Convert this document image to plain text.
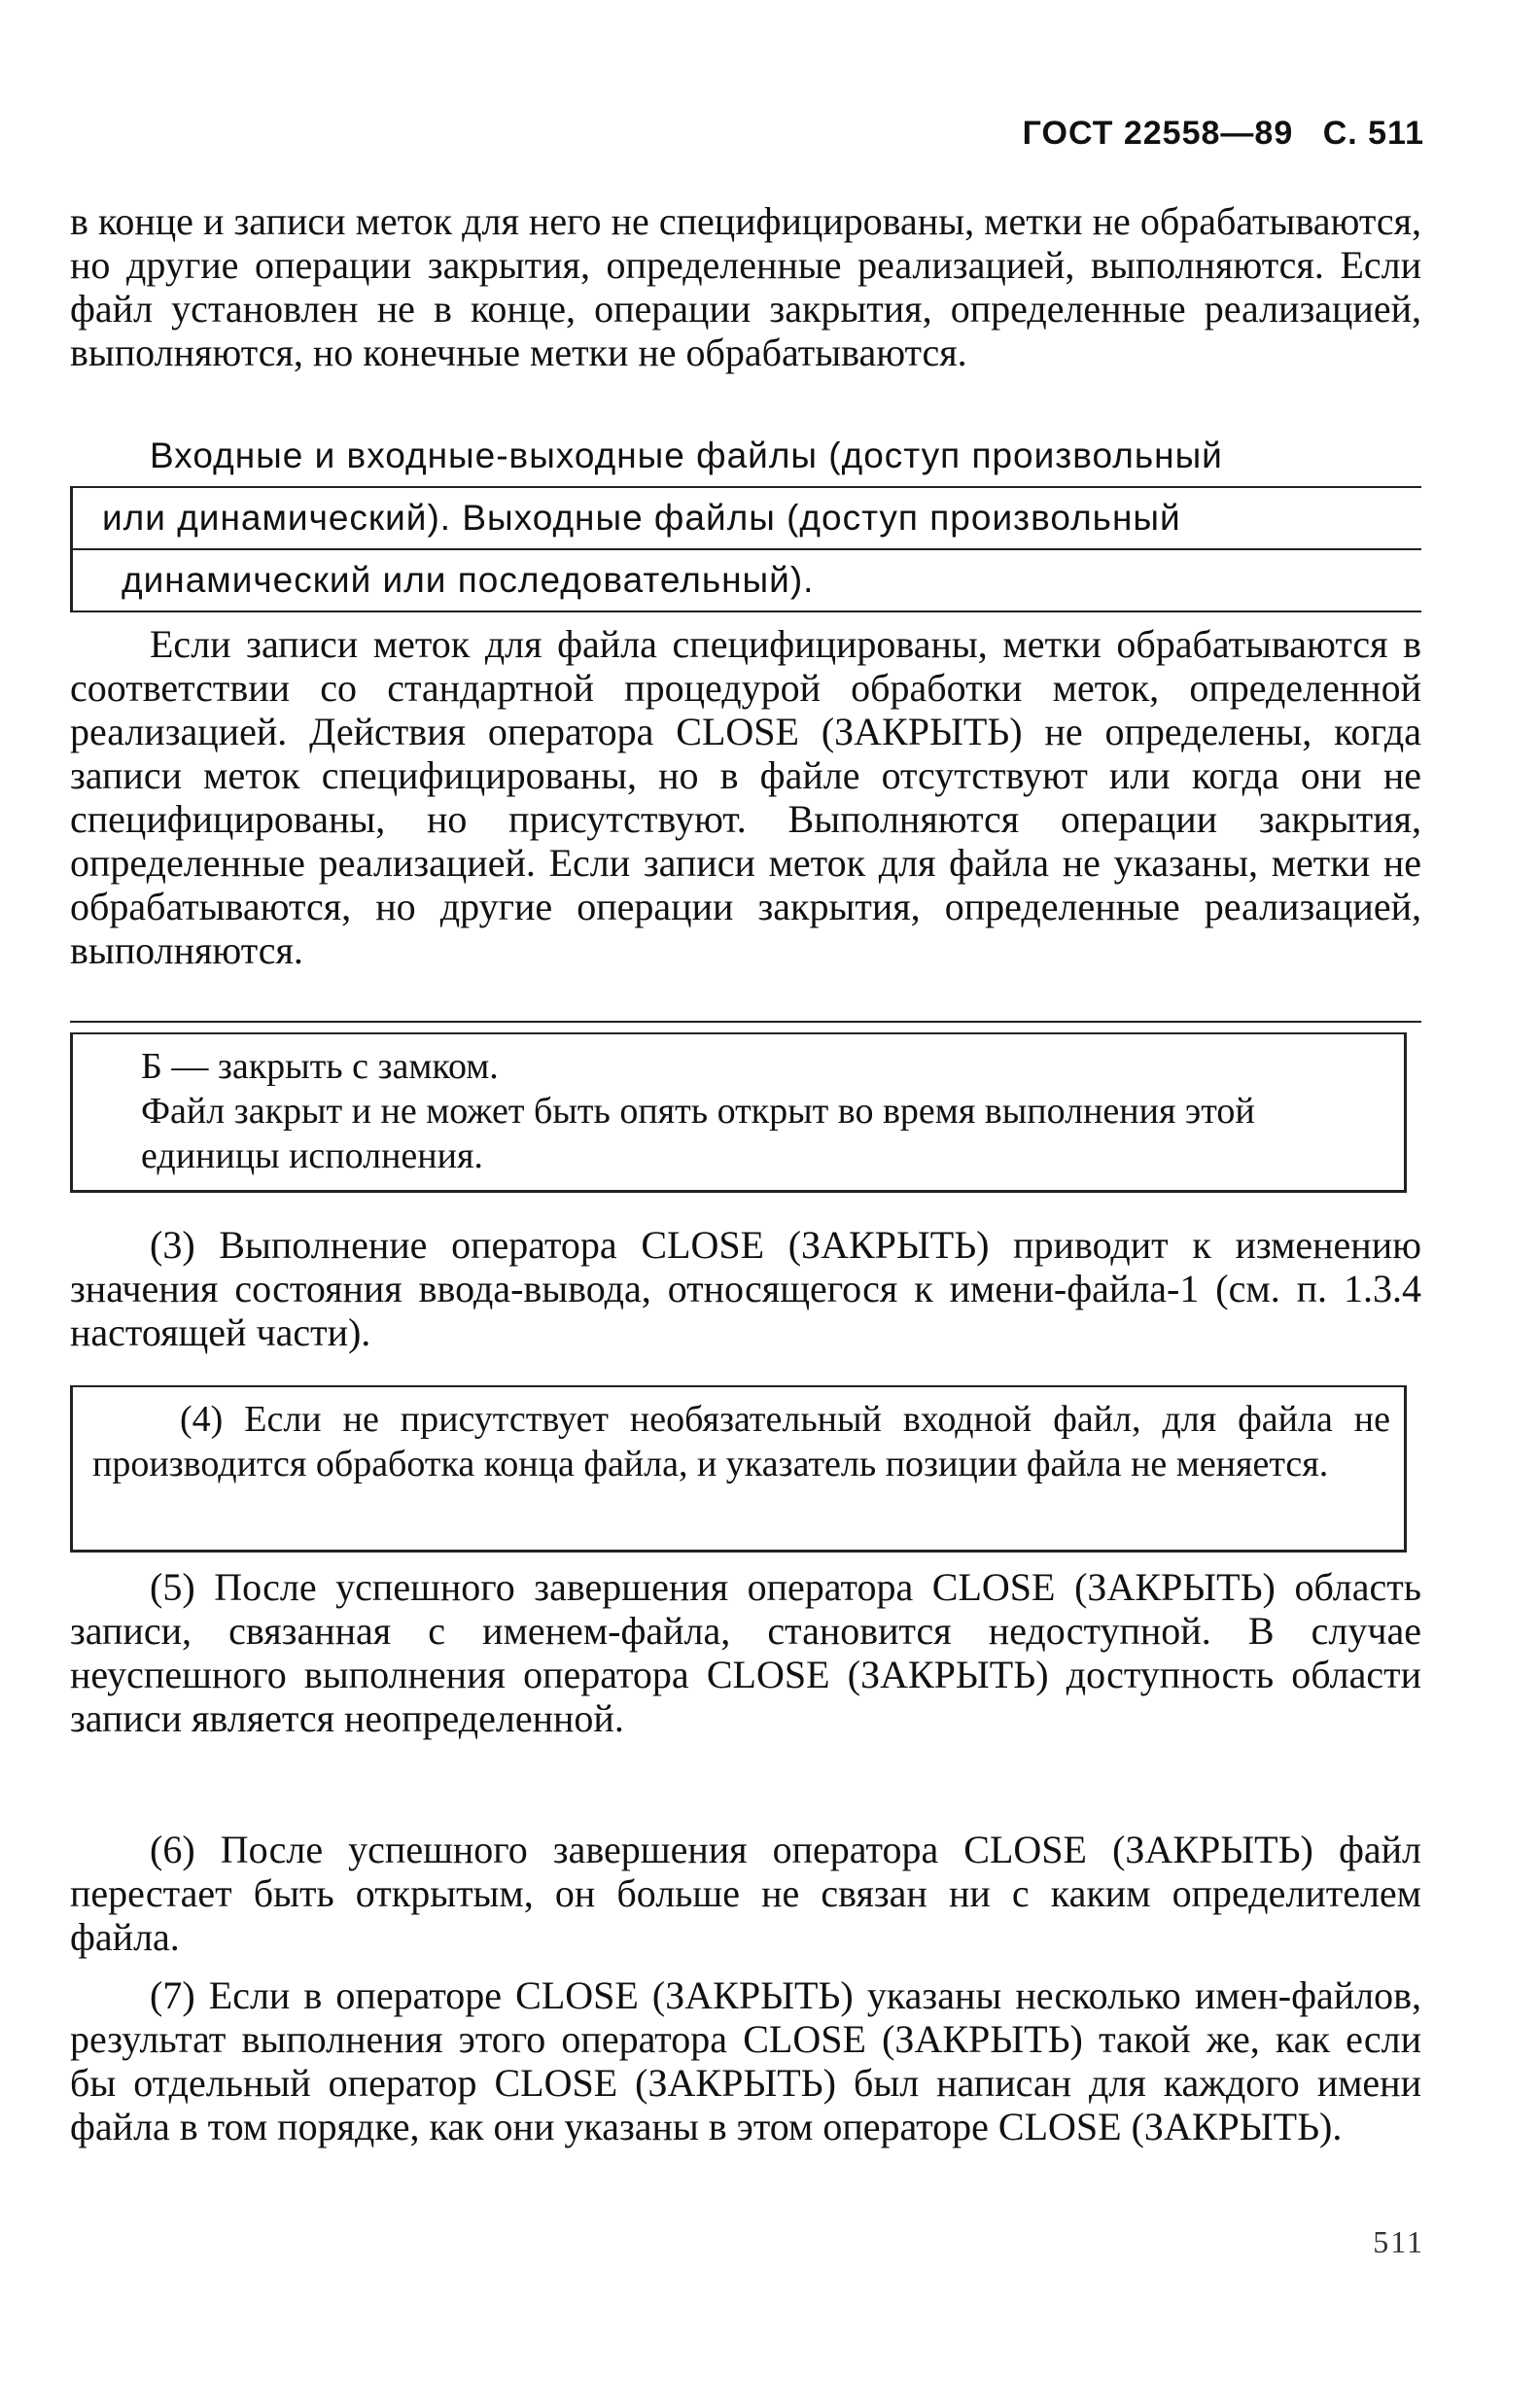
ГОСТ 22558—89 С. 511

в конце и записи меток для него не специфицированы, метки не обрабатываются, но другие операции закрытия, определенные реализацией, выполняются. Если файл установлен не в конце, операции закрытия, определенные реализацией, выполняются, но конечные метки не обрабатываются.

Входные и входные-выходные файлы (доступ произвольный
или динамический). Выходные файлы (доступ произвольный
динамический или последовательный).

Если записи меток для файла специфицированы, метки обрабатываются в соответствии со стандартной процедурой обработки меток, определенной реализацией. Действия оператора CLOSE (ЗАКРЫТЬ) не определены, когда записи меток специфицированы, но в файле отсутствуют или когда они не специфицированы, но присутствуют. Выполняются операции закрытия, определенные реализацией. Если записи меток для файла не указаны, метки не обрабатываются, но другие операции закрытия, определенные реализацией, выполняются.

Б — закрыть с замком.
Файл закрыт и не может быть опять открыт во время выполнения этой единицы исполнения.

(3) Выполнение оператора CLOSE (ЗАКРЫТЬ) приводит к изменению значения состояния ввода-вывода, относящегося к имени-файла-1 (см. п. 1.3.4 настоящей части).

(4) Если не присутствует необязательный входной файл, для файла не производится обработка конца файла, и указатель позиции файла не меняется.

(5) После успешного завершения оператора CLOSE (ЗАКРЫТЬ) область записи, связанная с именем-файла, становится недоступной. В случае неуспешного выполнения оператора CLOSE (ЗАКРЫТЬ) доступность области записи является неопределенной.

(6) После успешного завершения оператора CLOSE (ЗАКРЫТЬ) файл перестает быть открытым, он больше не связан ни с каким определителем файла.

(7) Если в операторе CLOSE (ЗАКРЫТЬ) указаны несколько имен-файлов, результат выполнения этого оператора CLOSE (ЗАКРЫТЬ) такой же, как если бы отдельный оператор CLOSE (ЗАКРЫТЬ) был написан для каждого имени файла в том порядке, как они указаны в этом операторе CLOSE (ЗАКРЫТЬ).

511
